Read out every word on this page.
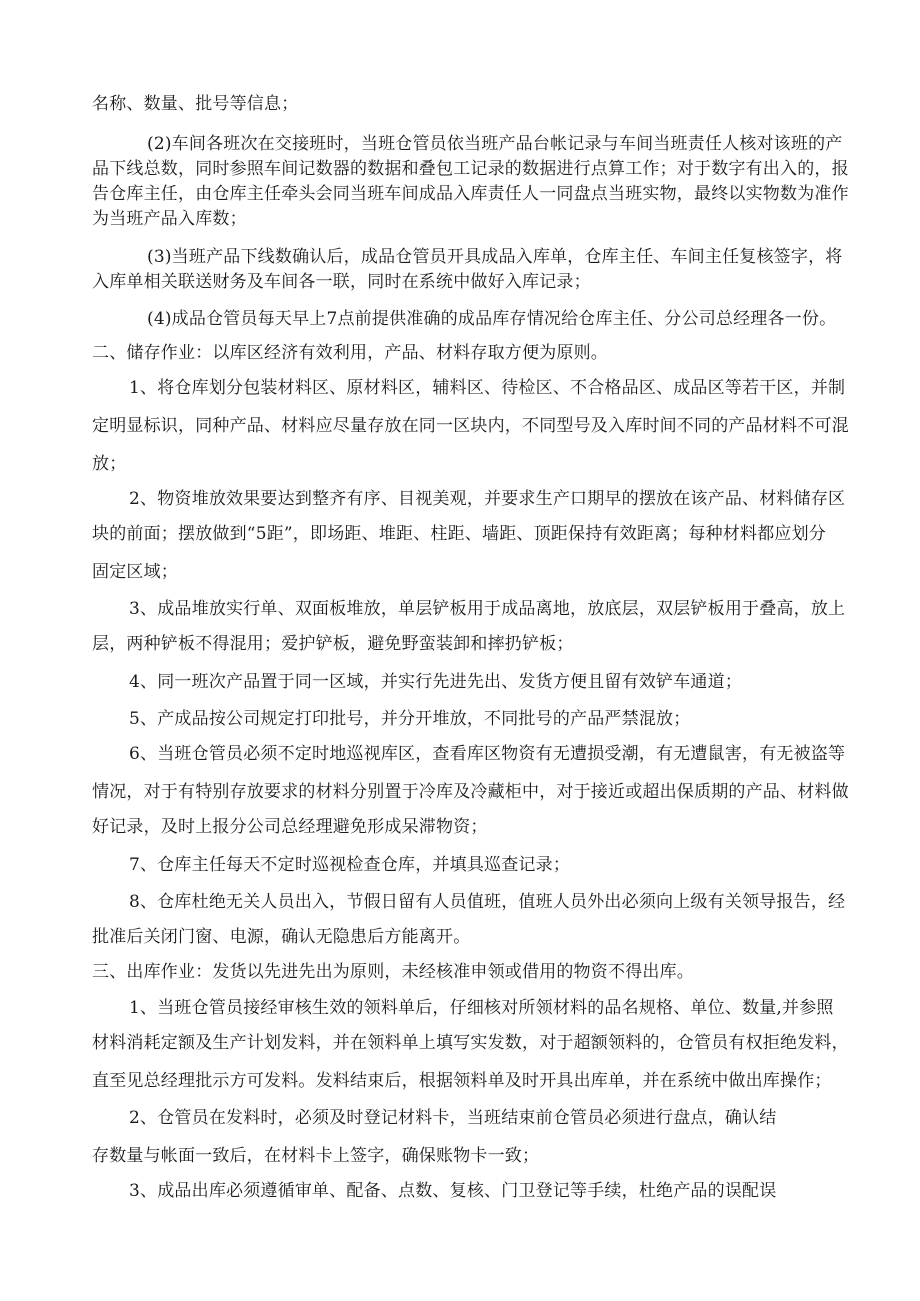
名称、数量、批号等信息；
(2)车间各班次在交接班时，当班仓管员依当班产品台帐记录与车间当班责任人核对该班的产
品下线总数，同时参照车间记数器的数据和叠包工记录的数据进行点算工作；对于数字有出入的，报
告仓库主任，由仓库主任牵头会同当班车间成品入库责任人一同盘点当班实物，最终以实物数为准作
为当班产品入库数；
(3)当班产品下线数确认后，成品仓管员开具成品入库单，仓库主任、车间主任复核签字，将
入库单相关联送财务及车间各一联，同时在系统中做好入库记录；
(4)成品仓管员每天早上7点前提供准确的成品库存情况给仓库主任、分公司总经理各一份。
二、储存作业：以库区经济有效利用，产品、材料存取方便为原则。
1、将仓库划分包装材料区、原材料区，辅料区、待检区、不合格品区、成品区等若干区，并制
定明显标识，同种产品、材料应尽量存放在同一区块内，不同型号及入库时间不同的产品材料不可混
放；
2、物资堆放效果要达到整齐有序、目视美观，并要求生产口期早的摆放在该产品、材料储存区
块的前面；摆放做到“5距”，即场距、堆距、柱距、墙距、顶距保持有效距离；每种材料都应划分
固定区域；
3、成品堆放实行单、双面板堆放，单层铲板用于成品离地，放底层，双层铲板用于叠高，放上
层，两种铲板不得混用；爱护铲板，避免野蛮装卸和摔扔铲板；
4、同一班次产品置于同一区域，并实行先进先出、发货方便且留有效铲车通道；
5、产成品按公司规定打印批号，并分开堆放，不同批号的产品严禁混放；
6、当班仓管员必须不定时地巡视库区，查看库区物资有无遭损受潮，有无遭鼠害，有无被盗等
情况，对于有特别存放要求的材料分别置于冷库及冷藏柜中，对于接近或超出保质期的产品、材料做
好记录，及时上报分公司总经理避免形成呆滞物资；
7、仓库主任每天不定时巡视检查仓库，并填具巡查记录；
8、仓库杜绝无关人员出入，节假日留有人员值班，值班人员外出必须向上级有关领导报告，经
批准后关闭门窗、电源，确认无隐患后方能离开。
三、出库作业：发货以先进先出为原则，未经核准申领或借用的物资不得出库。
1、当班仓管员接经审核生效的领料单后，仔细核对所领材料的品名规格、单位、数量,并参照
材料消耗定额及生产计划发料，并在领料单上填写实发数，对于超额领料的，仓管员有权拒绝发料，
直至见总经理批示方可发料。发料结束后，根据领料单及时开具出库单，并在系统中做出库操作；
2、仓管员在发料时，必须及时登记材料卡，当班结束前仓管员必须进行盘点，确认结
存数量与帐面一致后，在材料卡上签字，确保账物卡一致；
3、成品出库必须遵循审单、配备、点数、复核、门卫登记等手续，杜绝产品的误配误
